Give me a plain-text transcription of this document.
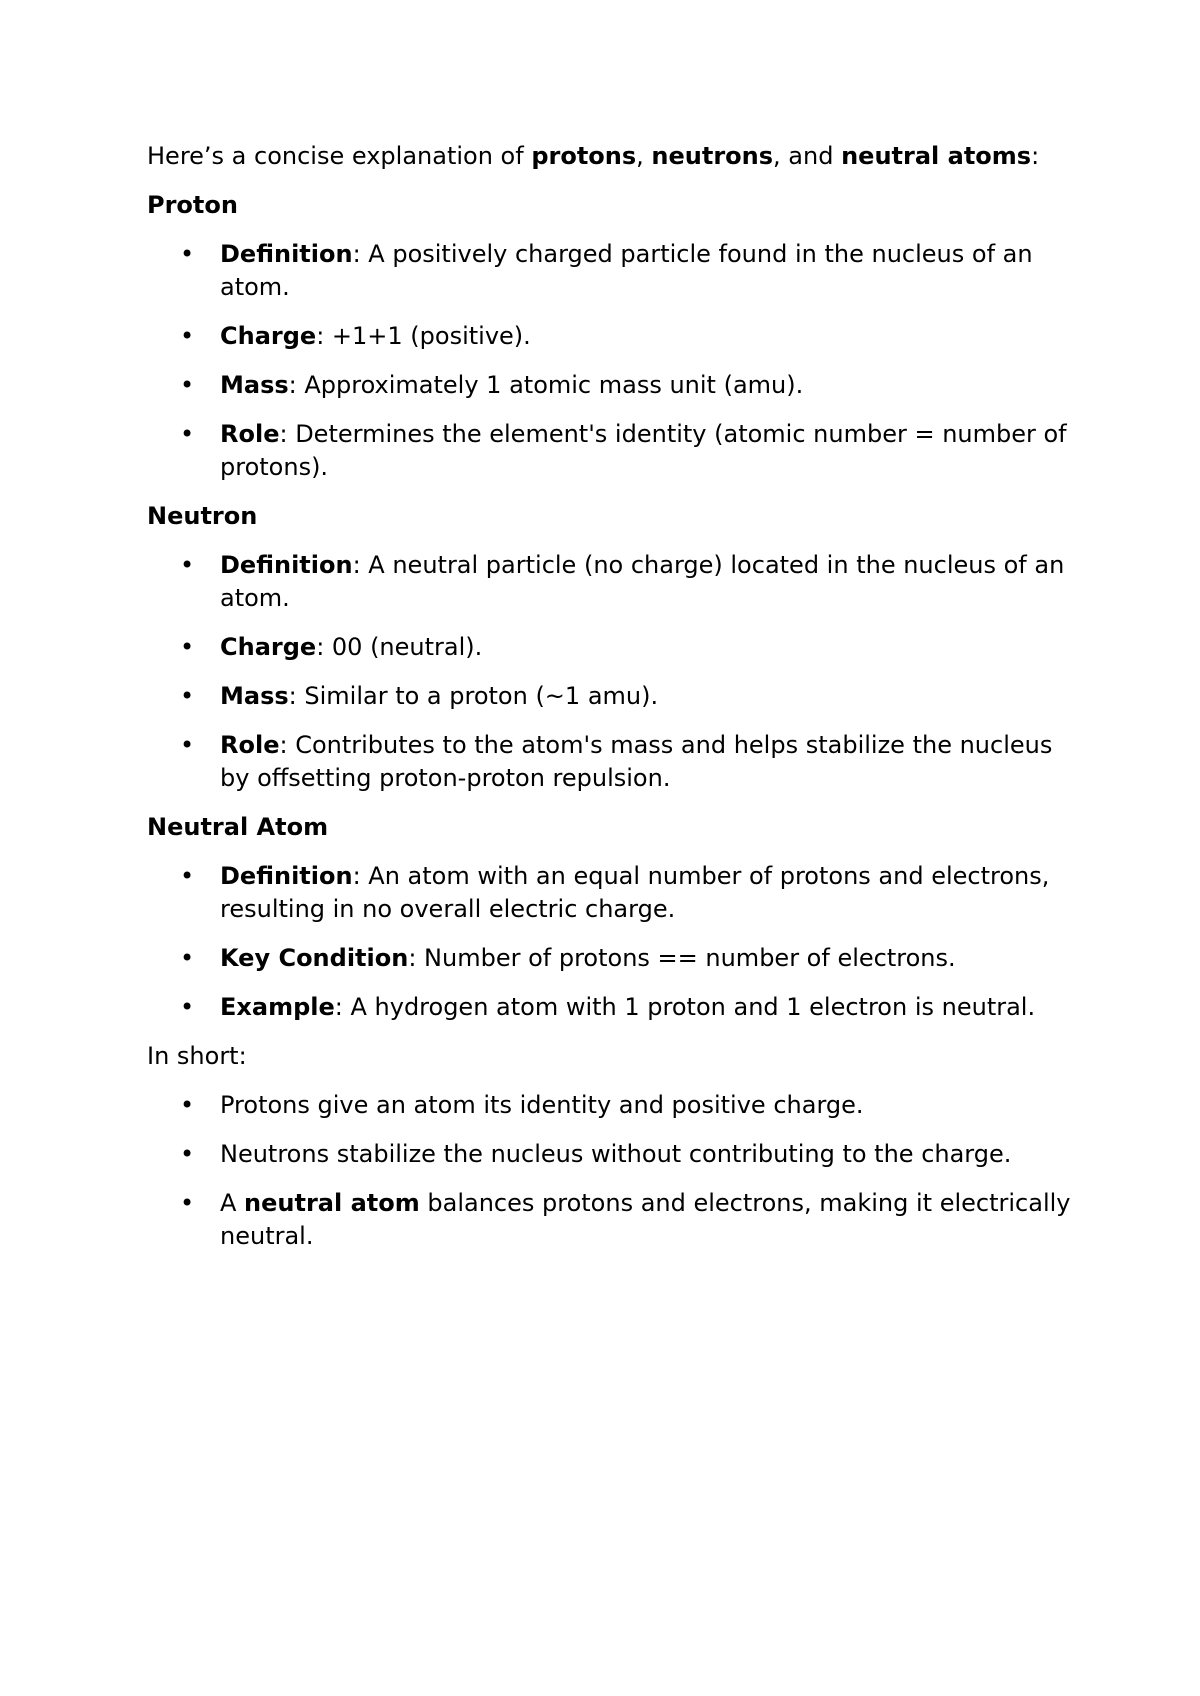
Here’s a concise explanation of protons, neutrons, and neutral atoms:

Proton
• Definition: A positively charged particle found in the nucleus of an atom.
• Charge: +1+1 (positive).
• Mass: Approximately 1 atomic mass unit (amu).
• Role: Determines the element's identity (atomic number = number of protons).
Neutron
• Definition: A neutral particle (no charge) located in the nucleus of an atom.
• Charge: 00 (neutral).
• Mass: Similar to a proton (~1 amu).
• Role: Contributes to the atom's mass and helps stabilize the nucleus by offsetting proton-proton repulsion.
Neutral Atom
• Definition: An atom with an equal number of protons and electrons, resulting in no overall electric charge.
• Key Condition: Number of protons == number of electrons.
• Example: A hydrogen atom with 1 proton and 1 electron is neutral.

In short:

• Protons give an atom its identity and positive charge.
• Neutrons stabilize the nucleus without contributing to the charge.
• A neutral atom balances protons and electrons, making it electrically neutral.
